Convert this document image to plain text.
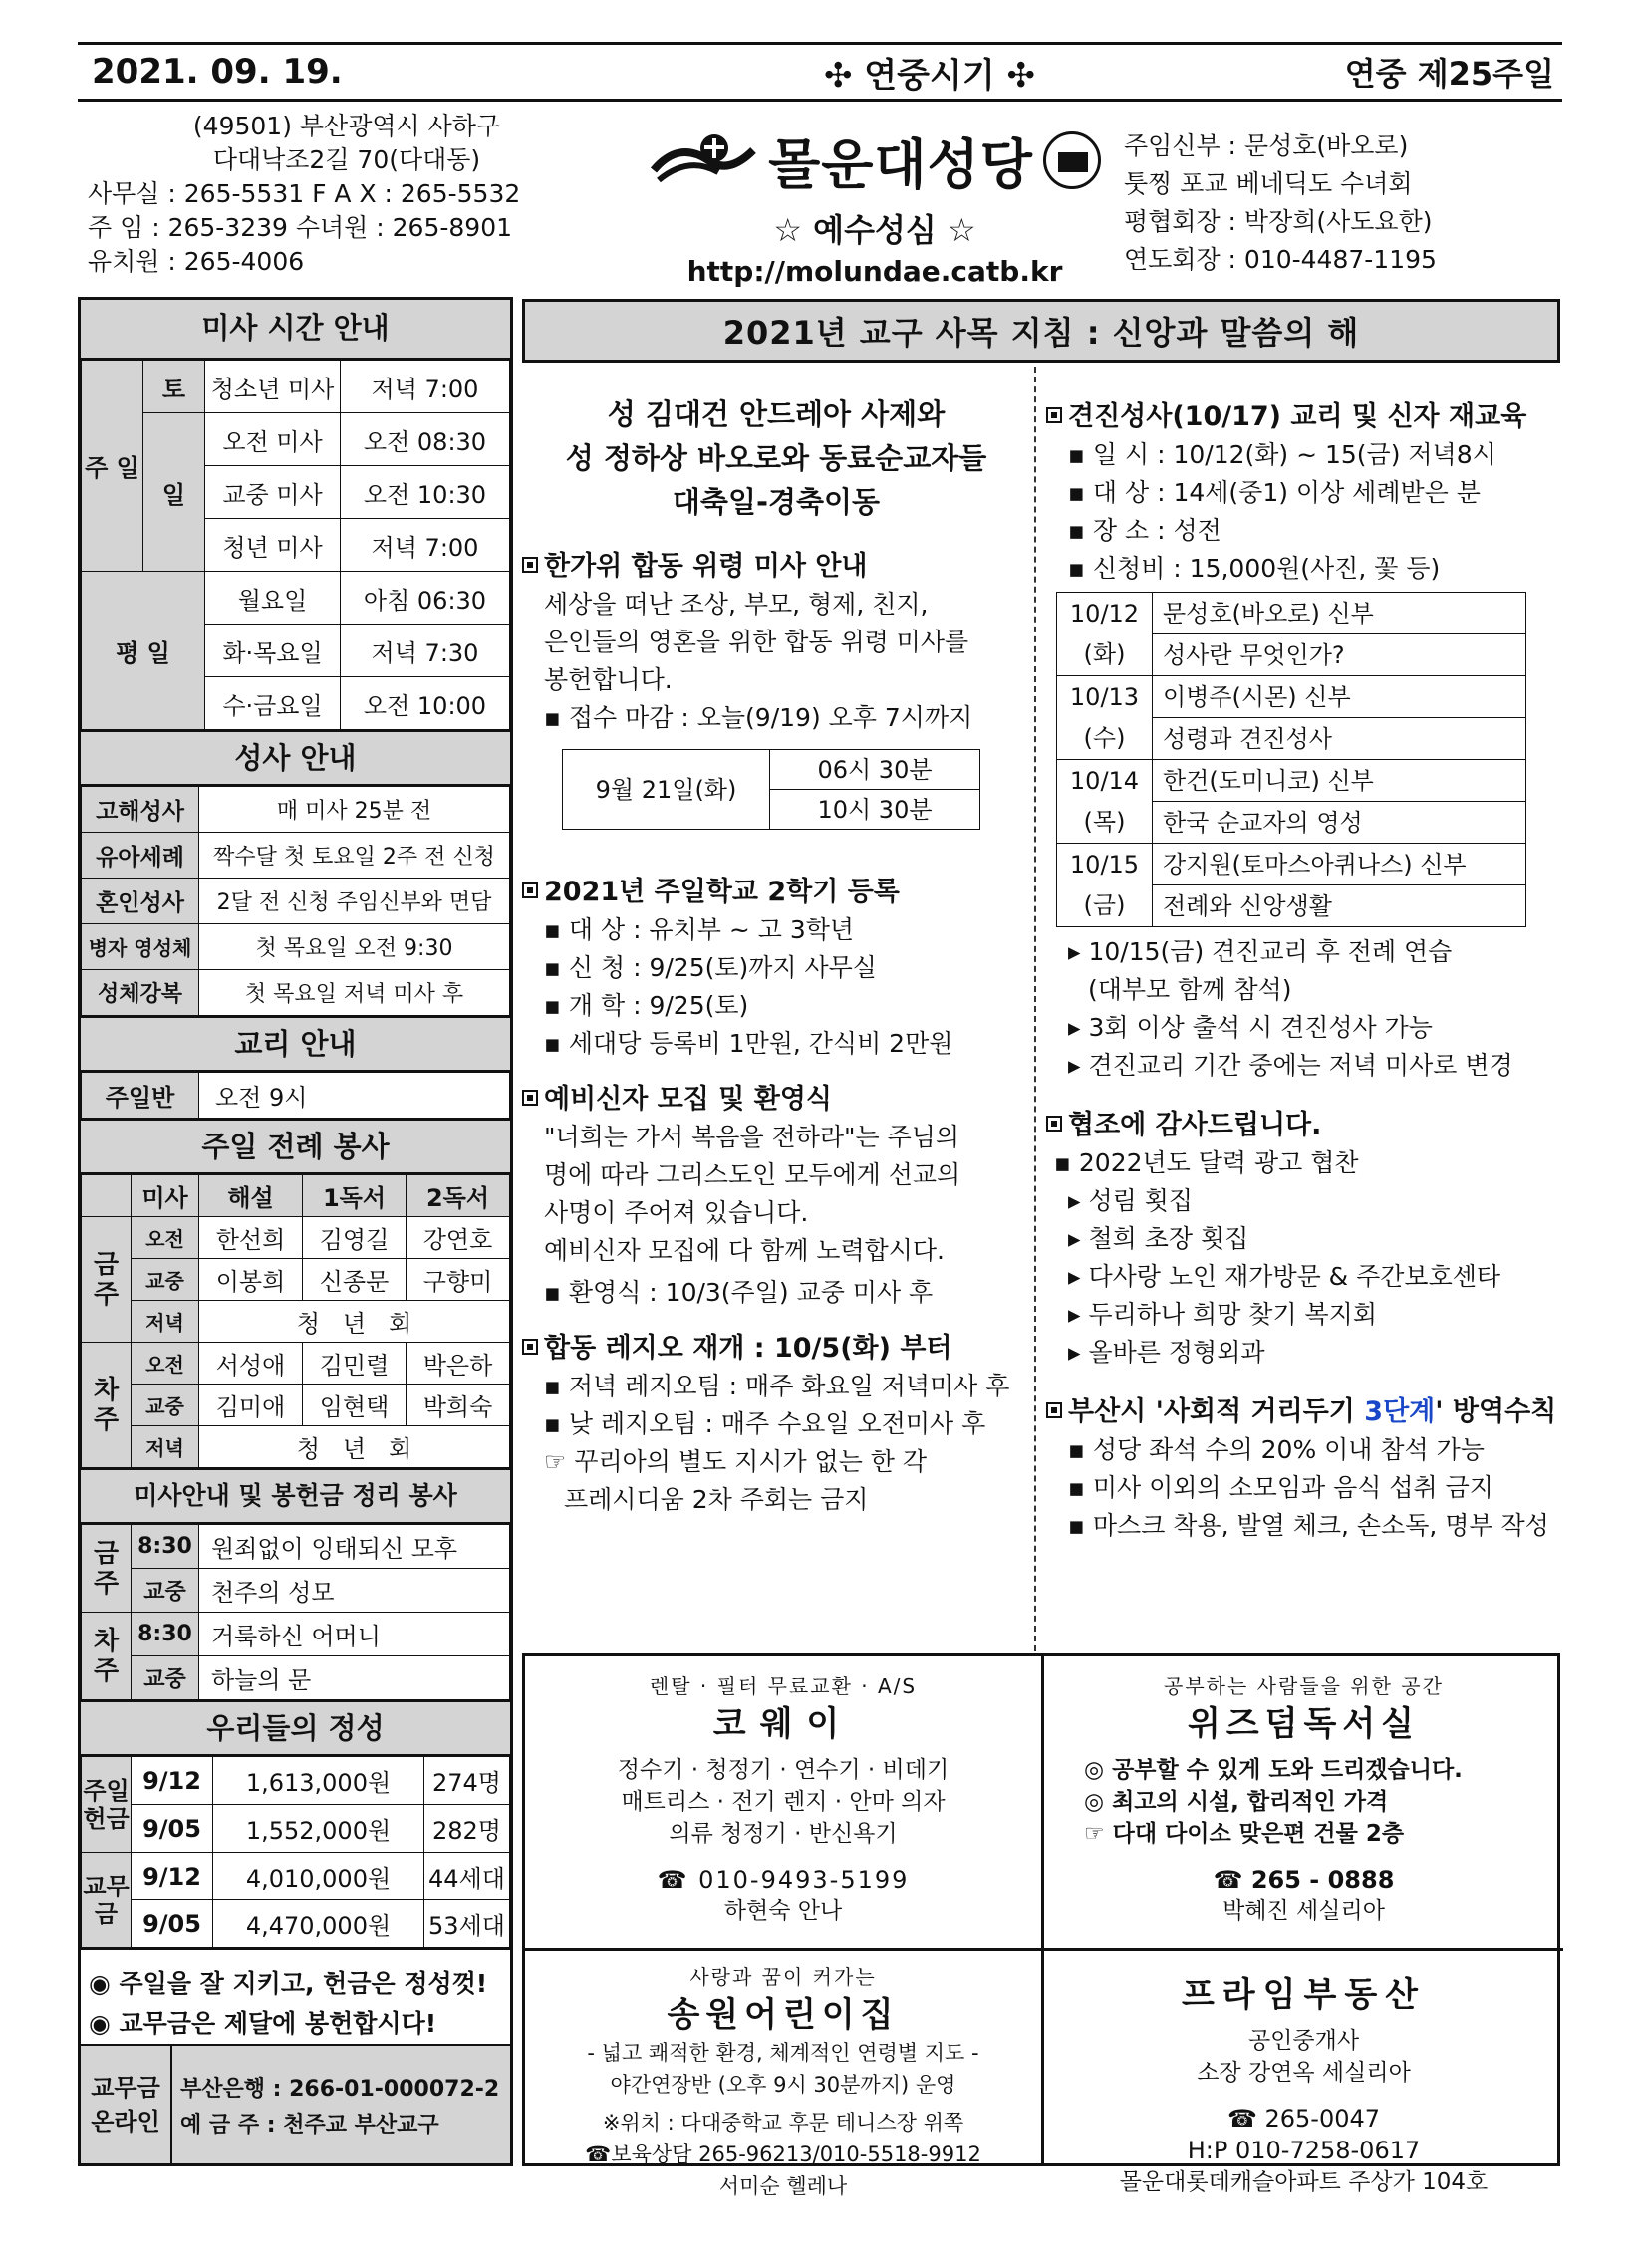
2021. 09. 19.	✣ 연중시기 ✣	연중 제25주일
(49501) 부산광역시 사하구
다대낙조2길 70(다대동)
사무실 : 265-5531 F A X : 265-5532
주 임 : 265-3239 수녀원 : 265-8901
유치원 : 265-4006
몰운대성당
☆ 예수성심 ☆
http://molundae.catb.kr
주임신부 : 문성호(바오로)
툿찡 포교 베네딕도 수녀회
평협회장 : 박장희(사도요한)
연도회장 : 010-4487-1195
미사 시간 안내
주 일	토	청소년 미사	저녁 7:00
	일	오전 미사	오전 08:30
		교중 미사	오전 10:30
		청년 미사	저녁 7:00
평 일		월요일	아침 06:30
		화·목요일	저녁 7:30
		수·금요일	오전 10:00
성사 안내
고해성사	매 미사 25분 전
유아세례	짝수달 첫 토요일 2주 전 신청
혼인성사	2달 전 신청 주임신부와 면담
병자 영성체	첫 목요일 오전 9:30
성체강복	첫 목요일 저녁 미사 후
교리 안내
주일반	오전 9시
주일 전례 봉사
	미사	해설	1독서	2독서
금주	오전	한선희	김영길	강연호
	교중	이봉희	신종문	구향미
	저녁	청   년   회		
차주	오전	서성애	김민렬	박은하
	교중	김미애	임현택	박희숙
	저녁	청   년   회		
미사안내 및 봉헌금 정리 봉사
금주	8:30	원죄없이 잉태되신 모후
	교중	천주의 성모
차주	8:30	거룩하신 어머니
	교중	하늘의 문
우리들의 정성
주일헌금	9/12	1,613,000원	274명
	9/05	1,552,000원	282명
교무금	9/12	4,010,000원	44세대
	9/05	4,470,000원	53세대
◉ 주일을 잘 지키고, 헌금은 정성껏!
◉ 교무금은 제달에 봉헌합시다!
교무금 온라인
부산은행 : 266-01-000072-2
예 금 주 : 천주교 부산교구
2021년 교구 사목 지침 : 신앙과 말씀의 해
성 김대건 안드레아 사제와
성 정하상 바오로와 동료순교자들
대축일-경축이동
한가위 합동 위령 미사 안내
세상을 떠난 조상, 부모, 형제, 친지,
은인들의 영혼을 위한 합동 위령 미사를
봉헌합니다.
▪ 접수 마감 : 오늘(9/19) 오후 7시까지
9월 21일(화)	06시 30분
10시 30분
2021년 주일학교 2학기 등록
▪ 대 상 : 유치부 ~ 고 3학년
▪ 신 청 : 9/25(토)까지 사무실
▪ 개 학 : 9/25(토)
▪ 세대당 등록비 1만원, 간식비 2만원
예비신자 모집 및 환영식
"너희는 가서 복음을 전하라"는 주님의
명에 따라 그리스도인 모두에게 선교의
사명이 주어져 있습니다.
예비신자 모집에 다 함께 노력합시다.
▪ 환영식 : 10/3(주일) 교중 미사 후
합동 레지오 재개 : 10/5(화) 부터
▪ 저녁 레지오팀 : 매주 화요일 저녁미사 후
▪ 낮 레지오팀 : 매주 수요일 오전미사 후
☞ 꾸리아의 별도 지시가 없는 한 각
프레시디움 2차 주회는 금지
견진성사(10/17) 교리 및 신자 재교육
▪ 일 시 : 10/12(화) ~ 15(금) 저녁8시
▪ 대 상 : 14세(중1) 이상 세례받은 분
▪ 장 소 : 성전
▪ 신청비 : 15,000원(사진, 꽃 등)
10/12	문성호(바오로) 신부
(화)	성사란 무엇인가?
10/13	이병주(시몬) 신부
(수)	성령과 견진성사
10/14	한건(도미니코) 신부
(목)	한국 순교자의 영성
10/15	강지원(토마스아퀴나스) 신부
(금)	전례와 신앙생활
▸ 10/15(금) 견진교리 후 전례 연습
(대부모 함께 참석)
▸ 3회 이상 출석 시 견진성사 가능
▸ 견진교리 기간 중에는 저녁 미사로 변경
협조에 감사드립니다.
▪ 2022년도 달력 광고 협찬
▸ 성림 횟집
▸ 철희 초장 횟집
▸ 다사랑 노인 재가방문 & 주간보호센타
▸ 두리하나 희망 찾기 복지회
▸ 올바른 정형외과
부산시 '사회적 거리두기 3단계' 방역수칙
▪ 성당 좌석 수의 20% 이내 참석 가능
▪ 미사 이외의 소모임과 음식 섭취 금지
▪ 마스크 착용, 발열 체크, 손소독, 명부 작성
렌탈 · 필터 무료교환 · A/S
코웨이
정수기 · 청정기 · 연수기 · 비데기
매트리스 · 전기 렌지 · 안마 의자
의류 청정기 · 반신욕기
☎ 010-9493-5199
하현숙 안나
공부하는 사람들을 위한 공간
위즈덤독서실
◎ 공부할 수 있게 도와 드리겠습니다.
◎ 최고의 시설, 합리적인 가격
☞ 다대 다이소 맞은편 건물 2층
☎ 265 - 0888
박혜진 세실리아
사랑과 꿈이 커가는
송원어린이집
- 넓고 쾌적한 환경, 체계적인 연령별 지도 -
야간연장반 (오후 9시 30분까지) 운영
※위치 : 다대중학교 후문 테니스장 위쪽
☎보육상담 265-96213/010-5518-9912
서미순 헬레나
프라임부동산
공인중개사
소장 강연옥 세실리아
☎ 265-0047
H:P 010-7258-0617
몰운대롯데캐슬아파트 주상가 104호
